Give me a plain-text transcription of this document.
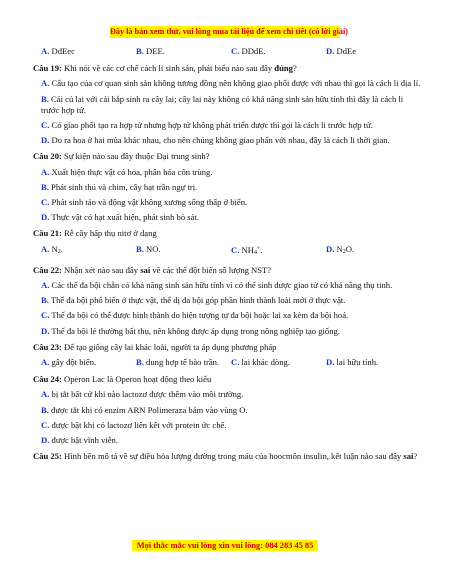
Đây là bản xem thử, vui lòng mua tài liệu để xem chi tiết (có lời giải)
A. DdEec	B. DEE.	C. DDdE.	D. DdEe
Câu 19: Khi nói về các cơ chế cách li sinh sản, phát biểu nào sau đây đúng?
A. Cấu tạo của cơ quan sinh sản không tương đồng nên không giao phối được với nhau thì gọi là cách li địa lí.
B. Cải củ lai với cải bắp sinh ra cây lai; cây lai này không có khả năng sinh sản hữu tính thì đây là cách li trước hợp tử.
C. Có giao phối tạo ra hợp tử nhưng hợp tử không phát triển được thì gọi là cách li trước hợp tử.
D. Do ra hoa ở hai mùa khác nhau, cho nên chúng không giao phấn với nhau, đây là cách li thời gian.
Câu 20: Sự kiện nào sau đây thuộc Đại trung sinh?
A. Xuất hiện thực vật có hoa, phân hóa côn trùng.
B. Phát sinh thú và chim, cây hạt trần ngự trị.
C. Phát sinh tảo và động vật không xương sống thấp ở biển.
D. Thực vật có hạt xuất hiện, phát sinh bò sát.
Câu 21: Rễ cây hấp thụ nitơ ở dạng
A. N2.	B. NO.	C. NH4+.	D. N2O.
Câu 22: Nhận xét nào sau đây sai về các thể đột biến số lượng NST?
A. Các thể đa bội chẵn có khả năng sinh sản hữu tính vì có thể sinh được giao tử có khả năng thụ tinh.
B. Thể đa bội phổ biến ở thực vật, thể dị đa bội góp phần hình thành loài mới ở thực vật.
C. Thể đa bội có thể được hình thành do hiện tượng tự đa bội hoặc lai xa kèm đa bội hoá.
D. Thể đa bội lẻ thường bất thụ, nên không được áp dụng trong nông nghiệp tạo giống.
Câu 23: Để tạo giống cây lai khác loài, người ta áp dụng phương pháp
A. gây đột biến.	B. dung hợp tế bào trần.	C. lai khác dòng.	D. lai hữu tính.
Câu 24: Operon Lac là Operon hoạt động theo kiểu
A. bị tắt bất cứ khi nào lactozơ được thêm vào môi trường.
B. được tắt khi có enzim ARN Polimeraza bám vào vùng O.
C. được bật khi có lactozơ liên kết với protein ức chế.
D. được bật vĩnh viễn.
Câu 25: Hình bên mô tả về sự điều hòa lượng đường trong máu của hoocmôn insulin, kết luận nào sau đây sai?
Mọi thắc mắc vui lòng xin vui lòng: 084 283 45 85
